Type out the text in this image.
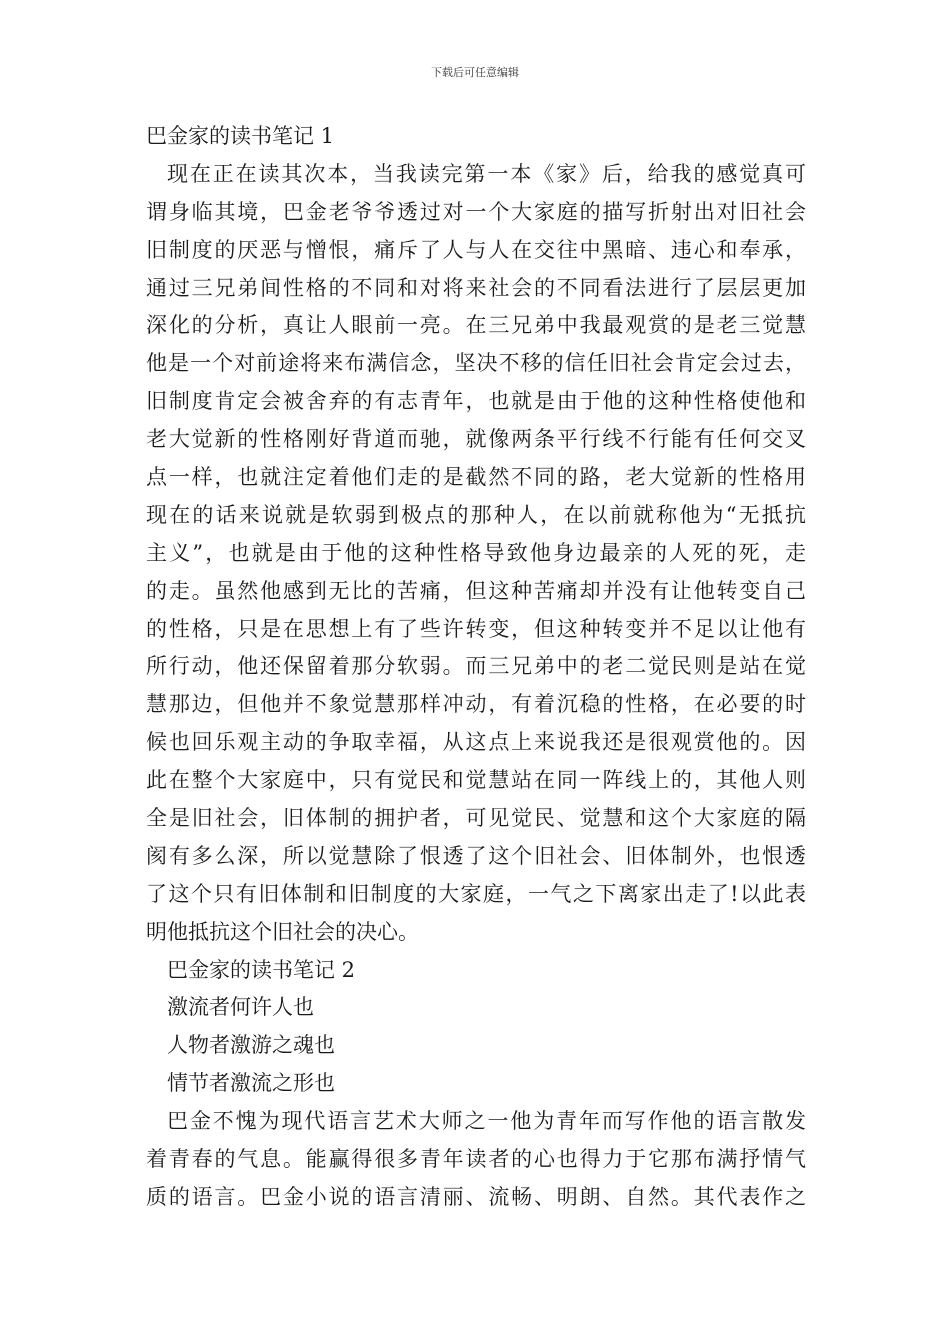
下载后可任意编辑
巴金家的读书笔记 1
现在正在读其次本，当我读完第一本《家》后，给我的感觉真可
谓身临其境，巴金老爷爷透过对一个大家庭的描写折射出对旧社会
旧制度的厌恶与憎恨，痛斥了人与人在交往中黑暗、违心和奉承，
通过三兄弟间性格的不同和对将来社会的不同看法进行了层层更加
深化的分析，真让人眼前一亮。在三兄弟中我最观赏的是老三觉慧
他是一个对前途将来布满信念，坚决不移的信任旧社会肯定会过去，
旧制度肯定会被舍弃的有志青年，也就是由于他的这种性格使他和
老大觉新的性格刚好背道而驰，就像两条平行线不行能有任何交叉
点一样，也就注定着他们走的是截然不同的路，老大觉新的性格用
现在的话来说就是软弱到极点的那种人，在以前就称他为“无抵抗
主义”，也就是由于他的这种性格导致他身边最亲的人死的死，走
的走。虽然他感到无比的苦痛，但这种苦痛却并没有让他转变自己
的性格，只是在思想上有了些许转变，但这种转变并不足以让他有
所行动，他还保留着那分软弱。而三兄弟中的老二觉民则是站在觉
慧那边，但他并不象觉慧那样冲动，有着沉稳的性格，在必要的时
候也回乐观主动的争取幸福，从这点上来说我还是很观赏他的。因
此在整个大家庭中，只有觉民和觉慧站在同一阵线上的，其他人则
全是旧社会，旧体制的拥护者，可见觉民、觉慧和这个大家庭的隔
阂有多么深，所以觉慧除了恨透了这个旧社会、旧体制外，也恨透
了这个只有旧体制和旧制度的大家庭，一气之下离家出走了!以此表
明他抵抗这个旧社会的决心。
巴金家的读书笔记 2
激流者何许人也
人物者激游之魂也
情节者激流之形也
巴金不愧为现代语言艺术大师之一他为青年而写作他的语言散发
着青春的气息。能赢得很多青年读者的心也得力于它那布满抒情气
质的语言。巴金小说的语言清丽、流畅、明朗、自然。其代表作之
